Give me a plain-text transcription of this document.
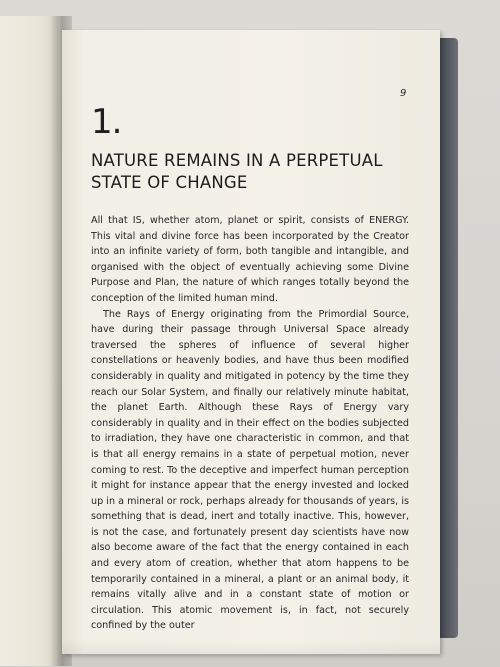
9
1.
NATURE REMAINS IN A PERPETUAL STATE OF CHANGE

All that IS, whether atom, planet or spirit, consists of ENERGY. This vital and divine force has been incorporated by the Creator into an infinite variety of form, both tangible and intangible, and organised with the object of eventually achieving some Divine Purpose and Plan, the nature of which ranges totally beyond the conception of the limited human mind.

The Rays of Energy originating from the Primordial Source, have during their passage through Universal Space already traversed the spheres of influence of several higher constellations or heavenly bodies, and have thus been modified considerably in quality and mitigated in potency by the time they reach our Solar System, and finally our relatively minute habitat, the planet Earth. Although these Rays of Energy vary considerably in quality and in their effect on the bodies subjected to irradiation, they have one characteristic in common, and that is that all energy remains in a state of perpetual motion, never coming to rest. To the deceptive and imperfect human perception it might for instance appear that the energy invested and locked up in a mineral or rock, perhaps already for thousands of years, is something that is dead, inert and totally inactive. This, however, is not the case, and fortunately present day scientists have now also become aware of the fact that the energy contained in each and every atom of creation, whether that atom happens to be temporarily contained in a mineral, a plant or an animal body, it remains vitally alive and in a constant state of motion or circulation. This atomic movement is, in fact, not securely confined by the outer
